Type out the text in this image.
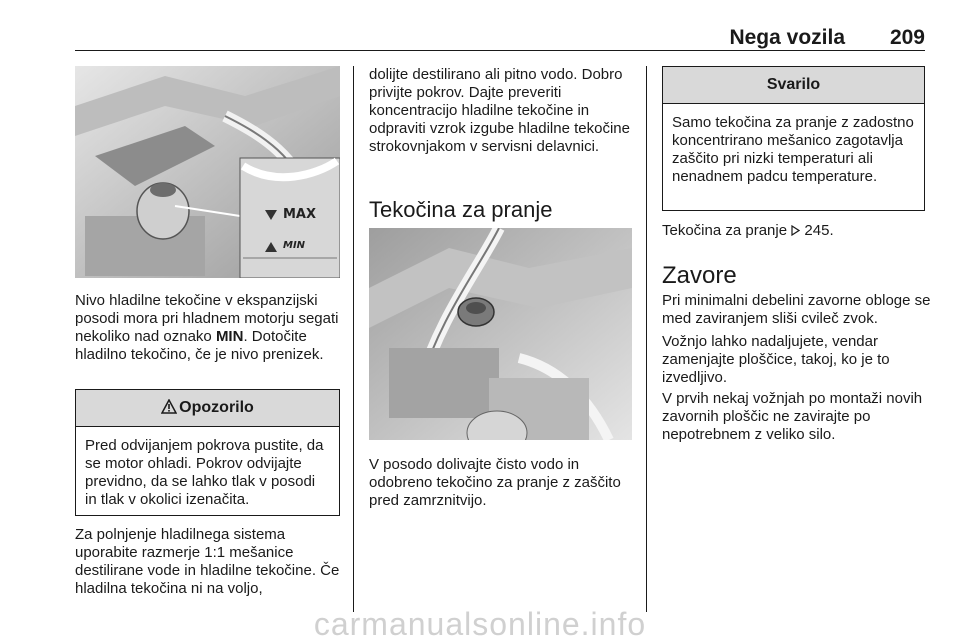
Nega vozila	209
MAX
MIN

Nivo hladilne tekočine v ekspanzijski posodi mora pri hladnem motorju segati nekoliko nad oznako MIN. Dotočite hladilno tekočino, če je nivo prenizek.

Opozorilo
Pred odvijanjem pokrova pustite, da se motor ohladi. Pokrov odvijajte previdno, da se lahko tlak v posodi in tlak v okolici izenačita.
Za polnjenje hladilnega sistema uporabite razmerje 1:1 mešanice destilirane vode in hladilne tekočine. Če hladilna tekočina ni na voljo,
dolijte destilirano ali pitno vodo. Dobro privijte pokrov. Dajte preveriti koncentracijo hladilne tekočine in odpraviti vzrok izgube hladilne tekočine strokovnjakom v servisni delavnici.
Tekočina za pranje
V posodo dolivajte čisto vodo in odobreno tekočino za pranje z zaščito pred zamrznitvijo.
Svarilo
Samo tekočina za pranje z zadostno koncentrirano mešanico zagotavlja zaščito pri nizki temperaturi ali nenadnem padcu temperature.
Tekočina za pranje  245.
Zavore
Pri minimalni debelini zavorne obloge se med zaviranjem sliši cvileč zvok.
Vožnjo lahko nadaljujete, vendar zamenjajte ploščice, takoj, ko je to izvedljivo.
V prvih nekaj vožnjah po montaži novih zavornih ploščic ne zavirajte po nepotrebnem z veliko silo.
carmanualsonline.info
